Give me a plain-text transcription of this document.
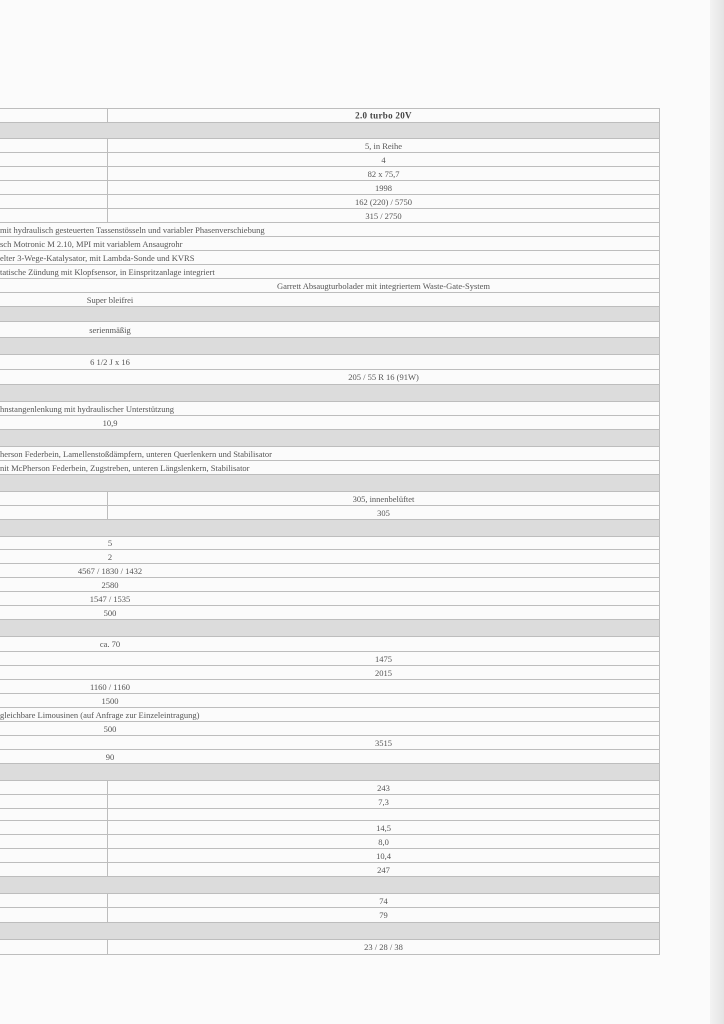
2.0 turbo 20V
5, in Reihe
4
82 x 75,7
1998
162 (220) / 5750
315 / 2750
mit hydraulisch gesteuerten Tassenstösseln und variabler Phasenverschiebung
sch Motronic M 2.10, MPI mit variablem Ansaugrohr
elter 3-Wege-Katalysator, mit Lambda-Sonde und KVRS
tatische Zündung mit Klopfsensor, in Einspritzanlage integriert
Garrett Absaugturbolader mit integriertem Waste-Gate-System
Super bleifrei
serienmäßig
6 1/2 J x 16
205 / 55 R 16 (91W)
hnstangenlenkung mit hydraulischer Unterstützung
10,9
herson Federbein, Lamellenstoßdämpfern, unteren Querlenkern und Stabilisator
nit McPherson Federbein, Zugstreben, unteren Längslenkern, Stabilisator
305, innenbelüftet
305
5
2
4567 / 1830 / 1432
2580
1547 / 1535
500
ca. 70
1475
2015
1160 / 1160
1500
gleichbare Limousinen (auf Anfrage zur Einzeleintragung)
500
3515
90
243
7,3
14,5
8,0
10,4
247
74
79
23 / 28 / 38
